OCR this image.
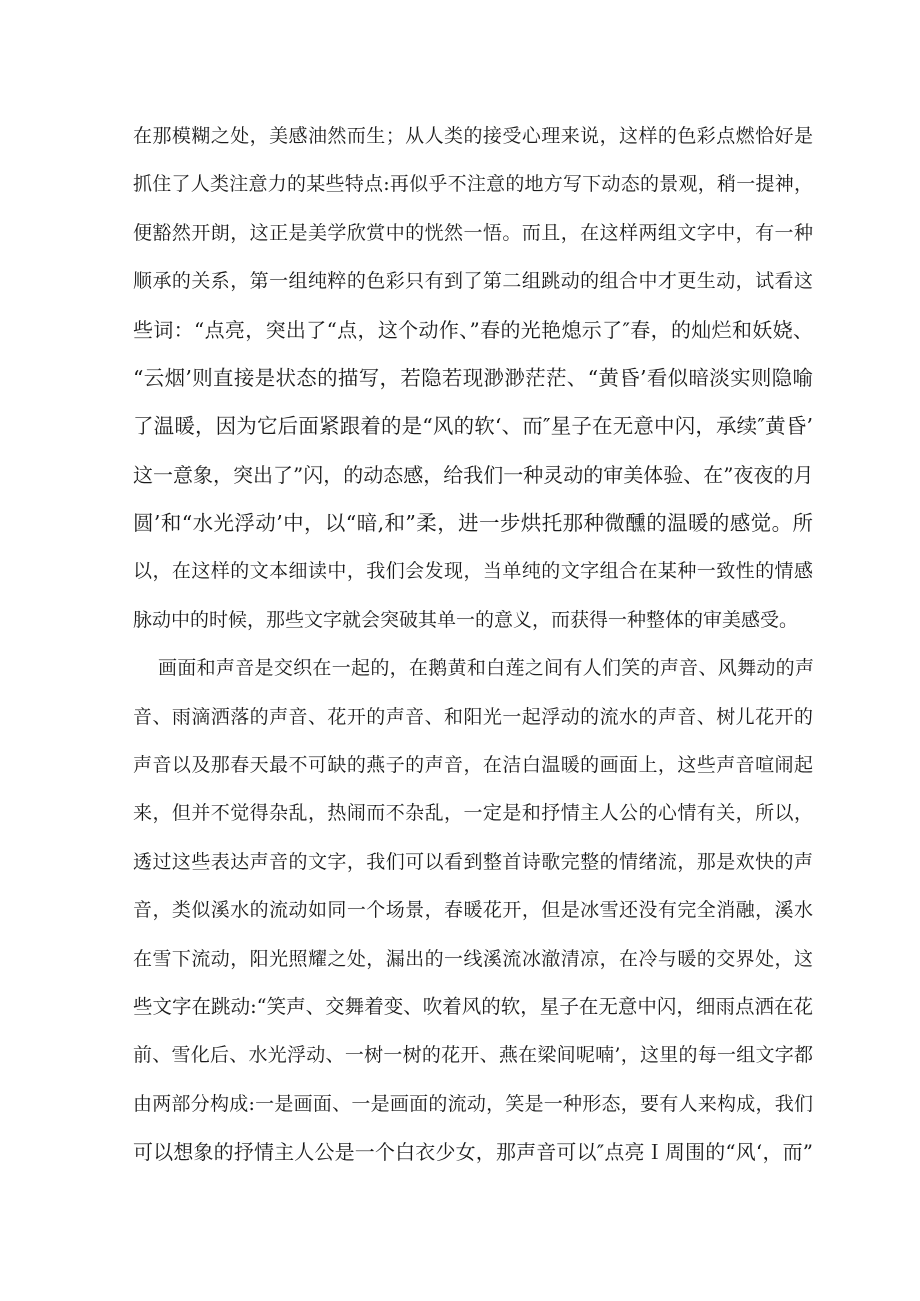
在那模糊之处，美感油然而生；从人类的接受心理来说，这样的色彩点燃恰好是
抓住了人类注意力的某些特点:再似乎不注意的地方写下动态的景观，稍一提神，
便豁然开朗，这正是美学欣赏中的恍然一悟。而且，在这样两组文字中，有一种
顺承的关系，第一组纯粹的色彩只有到了第二组跳动的组合中才更生动，试看这
些词：“点亮，突出了“点，这个动作、”春的光艳熄示了″春，的灿烂和妖娆、
“云烟’则直接是状态的描写，若隐若现渺渺茫茫、“黄昏’看似暗淡实则隐喻
了温暖，因为它后面紧跟着的是“风的软‘、而″星子在无意中闪，承续″黄昏’
这一意象，突出了”闪，的动态感，给我们一种灵动的审美体验、在”夜夜的月
圆’和“水光浮动’中，以“暗,和”柔，进一步烘托那种微醺的温暖的感觉。所
以，在这样的文本细读中，我们会发现，当单纯的文字组合在某种一致性的情感
脉动中的时候，那些文字就会突破其单一的意义，而获得一种整体的审美感受。
画面和声音是交织在一起的，在鹅黄和白莲之间有人们笑的声音、风舞动的声
音、雨滴洒落的声音、花开的声音、和阳光一起浮动的流水的声音、树儿花开的
声音以及那春天最不可缺的燕子的声音，在洁白温暖的画面上，这些声音喧闹起
来，但并不觉得杂乱，热闹而不杂乱，一定是和抒情主人公的心情有关，所以，
透过这些表达声音的文字，我们可以看到整首诗歌完整的情绪流，那是欢快的声
音，类似溪水的流动如同一个场景，春暖花开，但是冰雪还没有完全消融，溪水
在雪下流动，阳光照耀之处，漏出的一线溪流冰澈清凉，在冷与暖的交界处，这
些文字在跳动:“笑声、交舞着变、吹着风的软，星子在无意中闪，细雨点洒在花
前、雪化后、水光浮动、一树一树的花开、燕在梁间呢喃’，这里的每一组文字都
由两部分构成:一是画面、一是画面的流动，笑是一种形态，要有人来构成，我们
可以想象的抒情主人公是一个白衣少女，那声音可以″点亮Ｉ周围的“风‘，而”
